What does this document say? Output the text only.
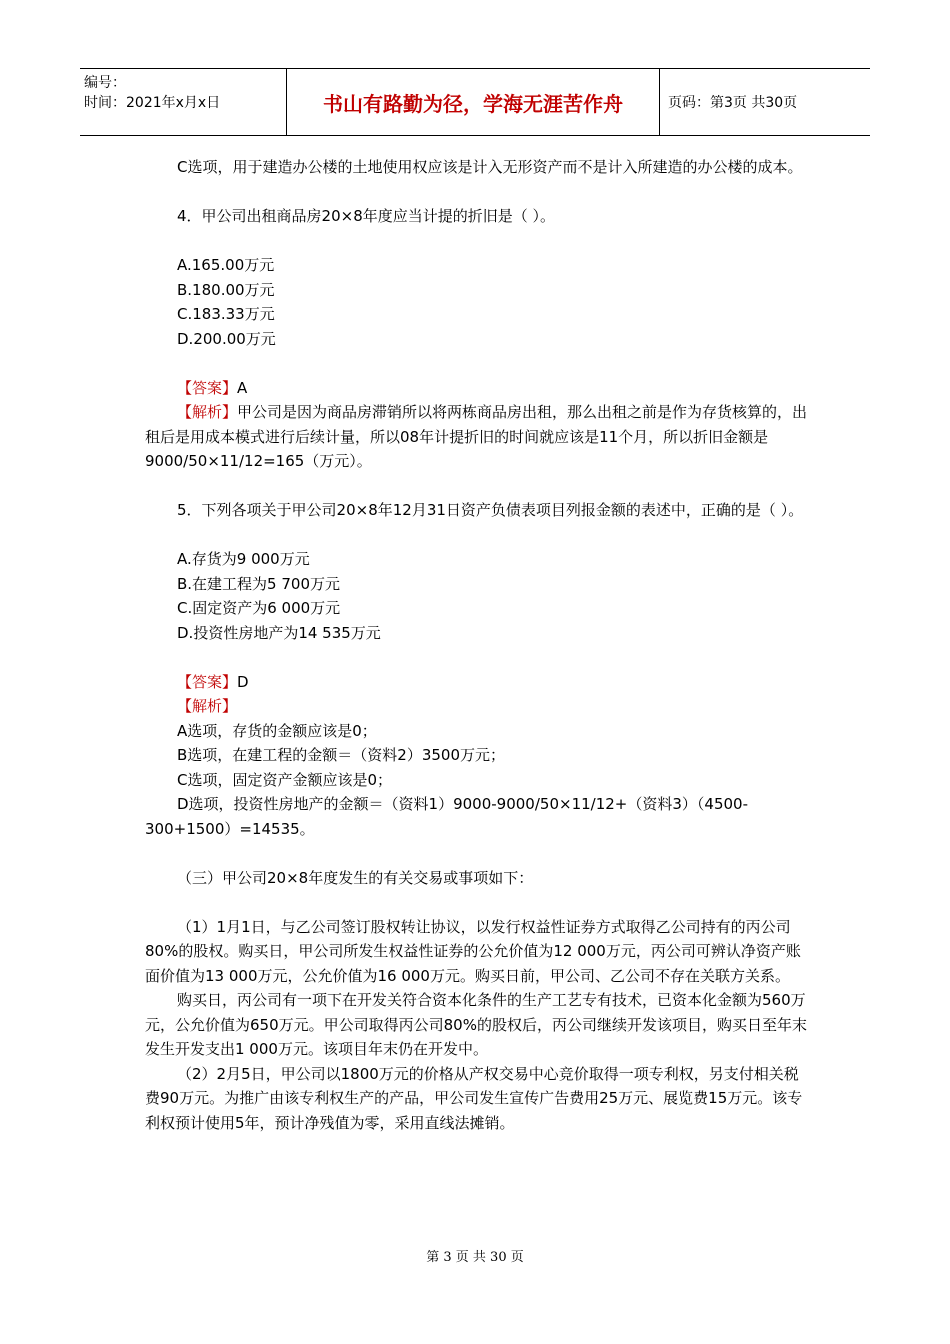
编号：
时间：2021年x月x日	书山有路勤为径，学海无涯苦作舟	页码：第3页 共30页

C选项，用于建造办公楼的土地使用权应该是计入无形资产而不是计入所建造的办公楼的成本。

4．甲公司出租商品房20×8年度应当计提的折旧是（ ）。

A.165.00万元

B.180.00万元

C.183.33万元

D.200.00万元

【答案】A

【解析】甲公司是因为商品房滞销所以将两栋商品房出租，那么出租之前是作为存货核算的，出租后是用成本模式进行后续计量，所以08年计提折旧的时间就应该是11个月，所以折旧金额是9000/50×11/12=165（万元）。

5．下列各项关于甲公司20×8年12月31日资产负债表项目列报金额的表述中，正确的是（ ）。

A.存货为9 000万元

B.在建工程为5 700万元

C.固定资产为6 000万元

D.投资性房地产为14 535万元

【答案】D

【解析】

A选项，存货的金额应该是0；

B选项，在建工程的金额＝（资料2）3500万元；

C选项，固定资产金额应该是0；

D选项，投资性房地产的金额＝（资料1）9000-9000/50×11/12+（资料3）（4500-300+1500）=14535。

（三）甲公司20×8年度发生的有关交易或事项如下：

（1）1月1日，与乙公司签订股权转让协议，以发行权益性证券方式取得乙公司持有的丙公司80%的股权。购买日，甲公司所发生权益性证券的公允价值为12 000万元，丙公司可辨认净资产账面价值为13 000万元，公允价值为16 000万元。购买日前，甲公司、乙公司不存在关联方关系。

购买日，丙公司有一项下在开发关符合资本化条件的生产工艺专有技术，已资本化金额为560万元，公允价值为650万元。甲公司取得丙公司80%的股权后，丙公司继续开发该项目，购买日至年末发生开发支出1 000万元。该项目年末仍在开发中。

（2）2月5日，甲公司以1800万元的价格从产权交易中心竞价取得一项专利权，另支付相关税费90万元。为推广由该专利权生产的产品，甲公司发生宣传广告费用25万元、展览费15万元。该专利权预计使用5年，预计净残值为零，采用直线法摊销。

第 3 页 共 30 页
